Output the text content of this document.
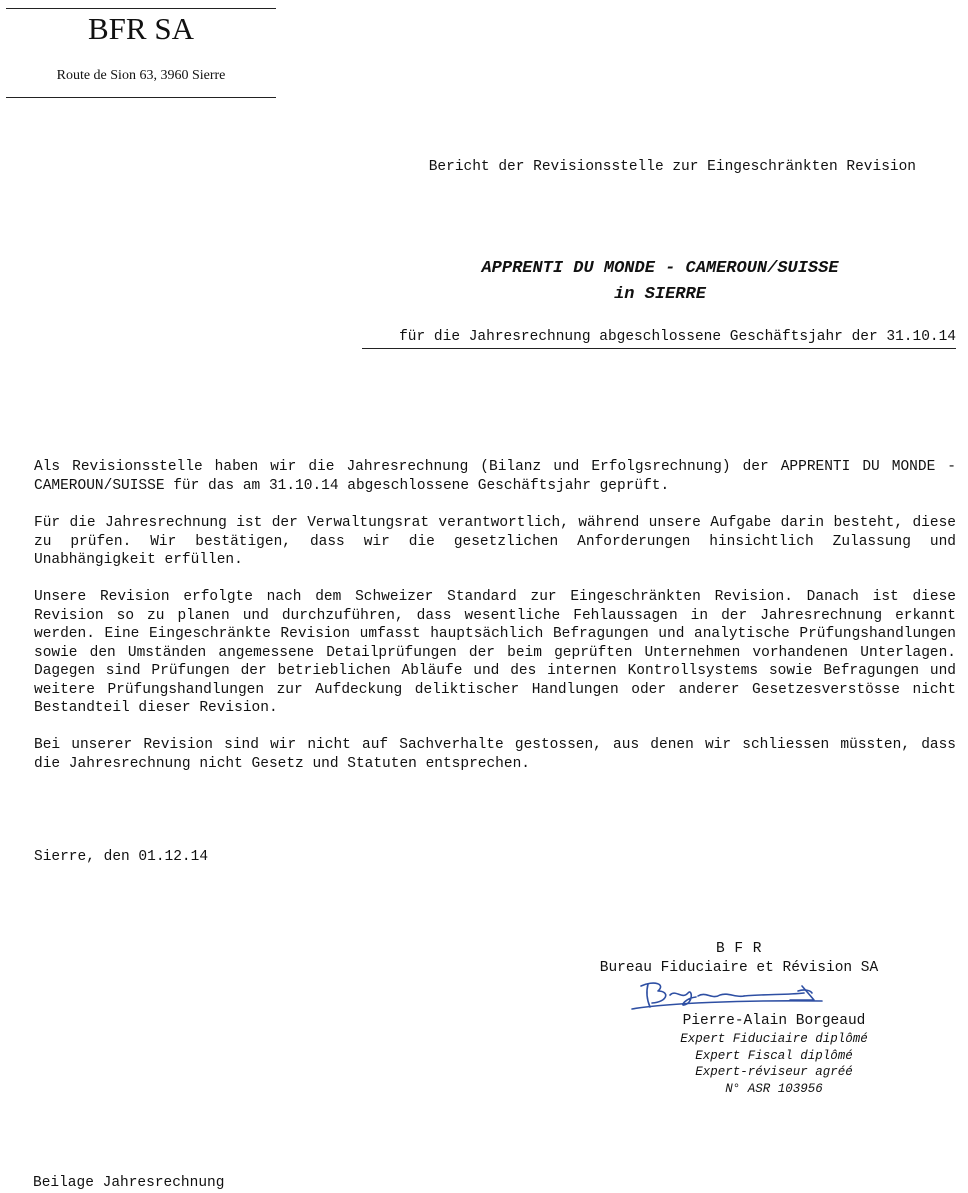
BFR SA
Route de Sion 63, 3960 Sierre
Bericht der Revisionsstelle zur Eingeschränkten Revision
APPRENTI DU MONDE - CAMEROUN/SUISSE
in SIERRE
für die Jahresrechnung abgeschlossene Geschäftsjahr der 31.10.14
Als Revisionsstelle haben wir die Jahresrechnung (Bilanz und Erfolgsrechnung) der APPRENTI DU MONDE - CAMEROUN/SUISSE für das am 31.10.14 abgeschlossene Geschäftsjahr geprüft.
Für die Jahresrechnung ist der Verwaltungsrat verantwortlich, während unsere Aufgabe darin besteht, diese zu prüfen. Wir bestätigen, dass wir die gesetzlichen Anforderungen hinsichtlich Zulassung und Unabhängigkeit erfüllen.
Unsere Revision erfolgte nach dem Schweizer Standard zur Eingeschränkten Revision. Danach ist diese Revision so zu planen und durchzuführen, dass wesentliche Fehlaussagen in der Jahresrechnung erkannt werden. Eine Eingeschränkte Revision umfasst hauptsächlich Befragungen und analytische Prüfungshandlungen sowie den Umständen angemessene Detailprüfungen der beim geprüften Unternehmen vorhandenen Unterlagen. Dagegen sind Prüfungen der betrieblichen Abläufe und des internen Kontrollsystems sowie Befragungen und weitere Prüfungshandlungen zur Aufdeckung deliktischer Handlungen oder anderer Gesetzesverstösse nicht Bestandteil dieser Revision.
Bei unserer Revision sind wir nicht auf Sachverhalte gestossen, aus denen wir schliessen müssten, dass die Jahresrechnung nicht Gesetz und Statuten entsprechen.
Sierre, den 01.12.14
B F R
Bureau Fiduciaire et Révision SA
Pierre-Alain Borgeaud
Expert Fiduciaire diplômé
Expert Fiscal diplômé
Expert-réviseur agréé
N° ASR 103956
Beilage Jahresrechnung
